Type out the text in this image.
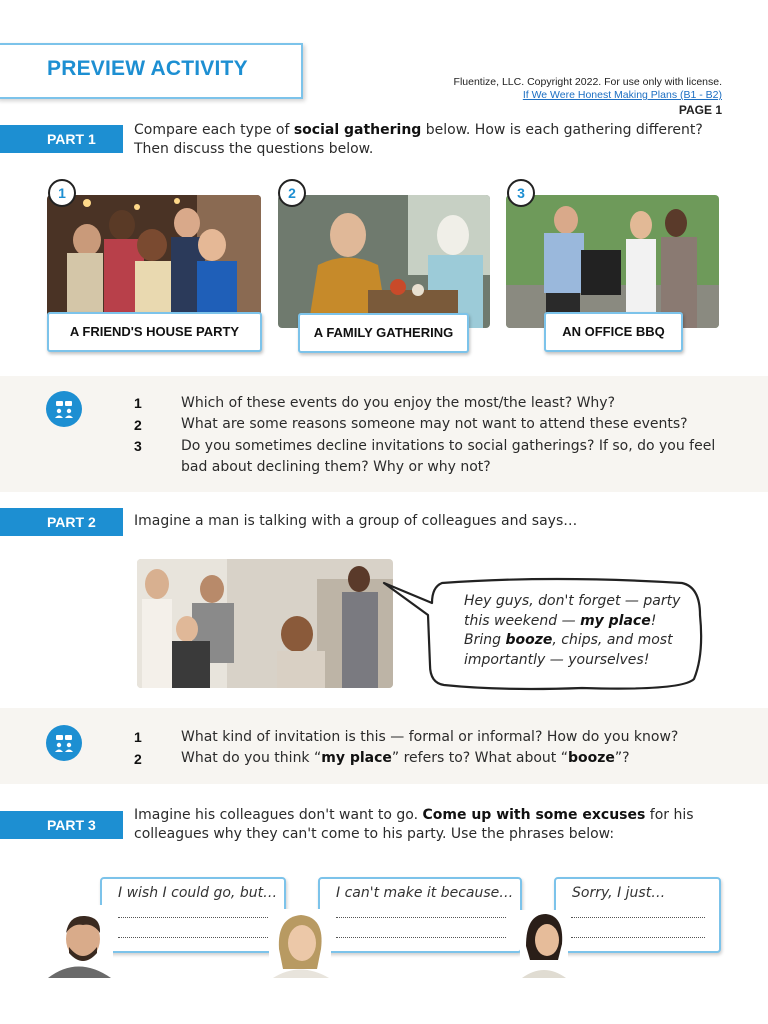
PREVIEW ACTIVITY
Fluentize, LLC. Copyright 2022. For use only with license.
If We Were Honest Making Plans (B1 - B2)
PAGE 1
PART 1
Compare each type of social gathering below. How is each gathering different?
Then discuss the questions below.
1
A FRIEND'S HOUSE PARTY
2
A FAMILY GATHERING
3
AN OFFICE BBQ
1	Which of these events do you enjoy the most/the least? Why?
2	What are some reasons someone may not want to attend these events?
3	Do you sometimes decline invitations to social gatherings? If so, do you feel
bad about declining them? Why or why not?
PART 2	Imagine a man is talking with a group of colleagues and says…
Hey guys, don't forget — party
this weekend — my place!
Bring booze, chips, and most
importantly — yourselves!
1	What kind of invitation is this — formal or informal? How do you know?
2	What do you think “my place” refers to? What about “booze”?
PART 3
Imagine his colleagues don't want to go. Come up with some excuses for his
colleagues why they can't come to his party. Use the phrases below:
I wish I could go, but…	I can't make it because…	Sorry, I just…
